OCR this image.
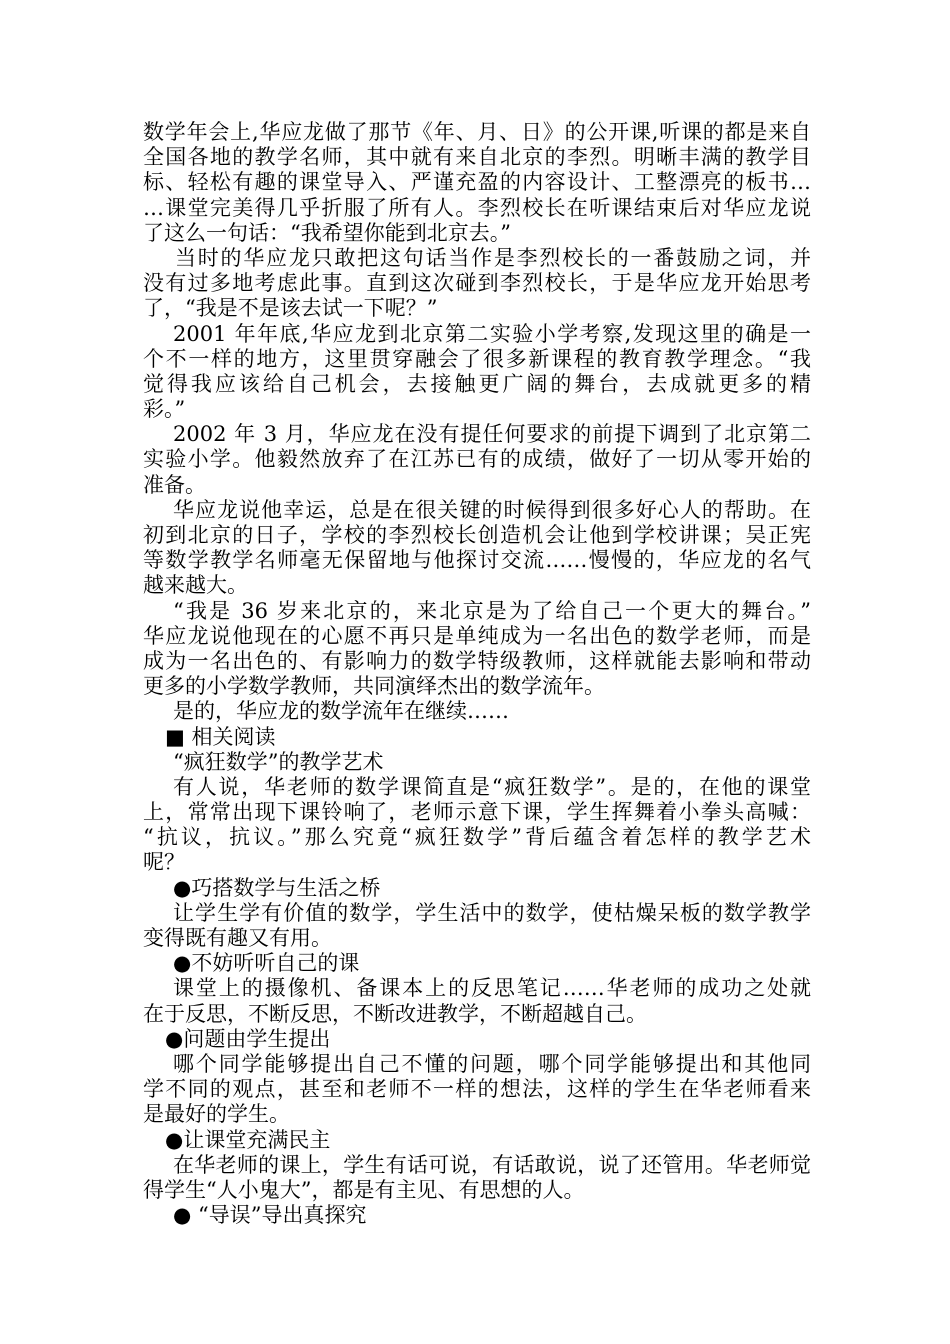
数学年会上,华应龙做了那节《年、月、日》的公开课,听课的都是来自
全国各地的教学名师，其中就有来自北京的李烈。明晰丰满的教学目
标、轻松有趣的课堂导入、严谨充盈的内容设计、工整漂亮的板书…
…课堂完美得几乎折服了所有人。李烈校长在听课结束后对华应龙说
了这么一句话：“我希望你能到北京去。”
当时的华应龙只敢把这句话当作是李烈校长的一番鼓励之词，并
没有过多地考虑此事。直到这次碰到李烈校长，于是华应龙开始思考
了，“我是不是该去试一下呢？”
2001 年年底,华应龙到北京第二实验小学考察,发现这里的确是一
个不一样的地方，这里贯穿融会了很多新课程的教育教学理念。“我
觉得我应该给自己机会，去接触更广阔的舞台，去成就更多的精
彩。”
2002 年 3 月，华应龙在没有提任何要求的前提下调到了北京第二
实验小学。他毅然放弃了在江苏已有的成绩，做好了一切从零开始的
准备。
华应龙说他幸运，总是在很关键的时候得到很多好心人的帮助。在
初到北京的日子，学校的李烈校长创造机会让他到学校讲课；吴正宪
等数学教学名师毫无保留地与他探讨交流……慢慢的，华应龙的名气
越来越大。
“我是 36 岁来北京的，来北京是为了给自己一个更大的舞台。”
华应龙说他现在的心愿不再只是单纯成为一名出色的数学老师，而是
成为一名出色的、有影响力的数学特级教师，这样就能去影响和带动
更多的小学数学教师，共同演绎杰出的数学流年。
是的，华应龙的数学流年在继续……
■ 相关阅读
“疯狂数学”的教学艺术
有人说，华老师的数学课简直是“疯狂数学”。是的，在他的课堂
上，常常出现下课铃响了，老师示意下课，学生挥舞着小拳头高喊：
“抗议，抗议。”那么究竟“疯狂数学”背后蕴含着怎样的教学艺术
呢？
●巧搭数学与生活之桥
让学生学有价值的数学，学生活中的数学，使枯燥呆板的数学教学
变得既有趣又有用。
●不妨听听自己的课
课堂上的摄像机、备课本上的反思笔记……华老师的成功之处就
在于反思，不断反思，不断改进教学，不断超越自己。
●问题由学生提出
哪个同学能够提出自己不懂的问题，哪个同学能够提出和其他同
学不同的观点，甚至和老师不一样的想法，这样的学生在华老师看来
是最好的学生。
●让课堂充满民主
在华老师的课上，学生有话可说，有话敢说，说了还管用。华老师觉
得学生“人小鬼大”，都是有主见、有思想的人。
● “导误”导出真探究
